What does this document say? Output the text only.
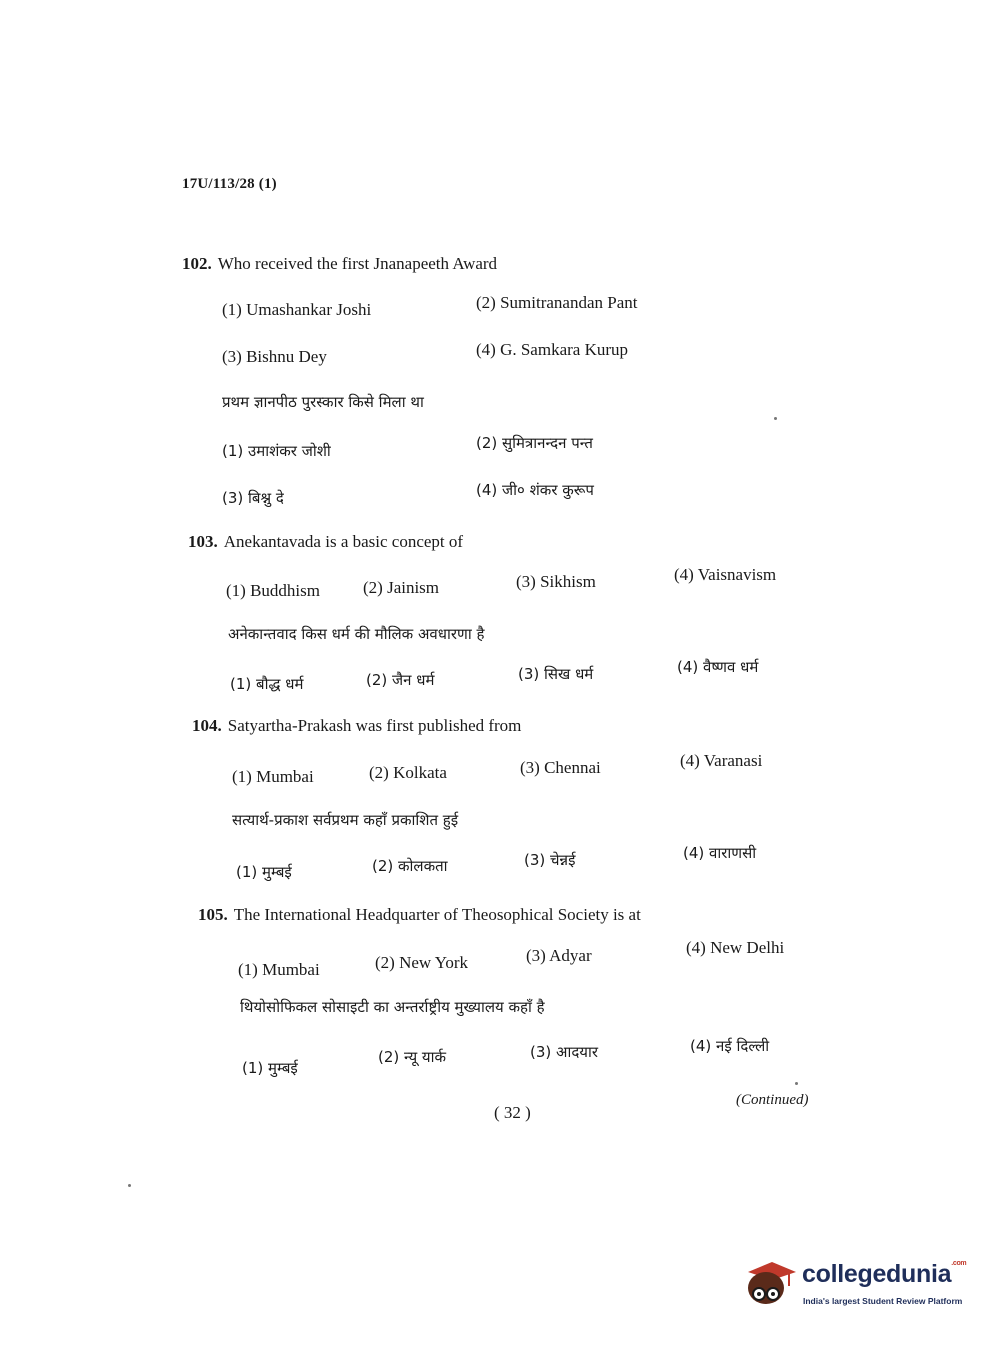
17U/113/28 (1)
102. Who received the first Jnanapeeth Award
(1) Umashankar Joshi	(2) Sumitranandan Pant
(3) Bishnu Dey	(4) G. Samkara Kurup
प्रथम ज्ञानपीठ पुरस्कार किसे मिला था
(1) उमाशंकर जोशी	(2) सुमित्रानन्दन पन्त
(3) बिश्नु दे	(4) जी० शंकर कुरूप
103. Anekantavada is a basic concept of
(1) Buddhism	(2) Jainism	(3) Sikhism	(4) Vaisnavism
अनेकान्तवाद किस धर्म की मौलिक अवधारणा है
(1) बौद्ध धर्म	(2) जैन धर्म	(3) सिख धर्म	(4) वैष्णव धर्म
104. Satyartha-Prakash was first published from
(1) Mumbai	(2) Kolkata	(3) Chennai	(4) Varanasi
सत्यार्थ-प्रकाश सर्वप्रथम कहाँ प्रकाशित हुई
(1) मुम्बई	(2) कोलकता	(3) चेन्नई	(4) वाराणसी
105. The International Headquarter of Theosophical Society is at
(1) Mumbai	(2) New York	(3) Adyar	(4) New Delhi
थियोसोफिकल सोसाइटी का अन्तर्राष्ट्रीय मुख्यालय कहाँ है
(1) मुम्बई
(2) न्यू यार्क	(3) आदयार	(4) नई दिल्ली
( 32 )
(Continued)
collegedunia$^{.com}$
India's largest Student Review Platform
